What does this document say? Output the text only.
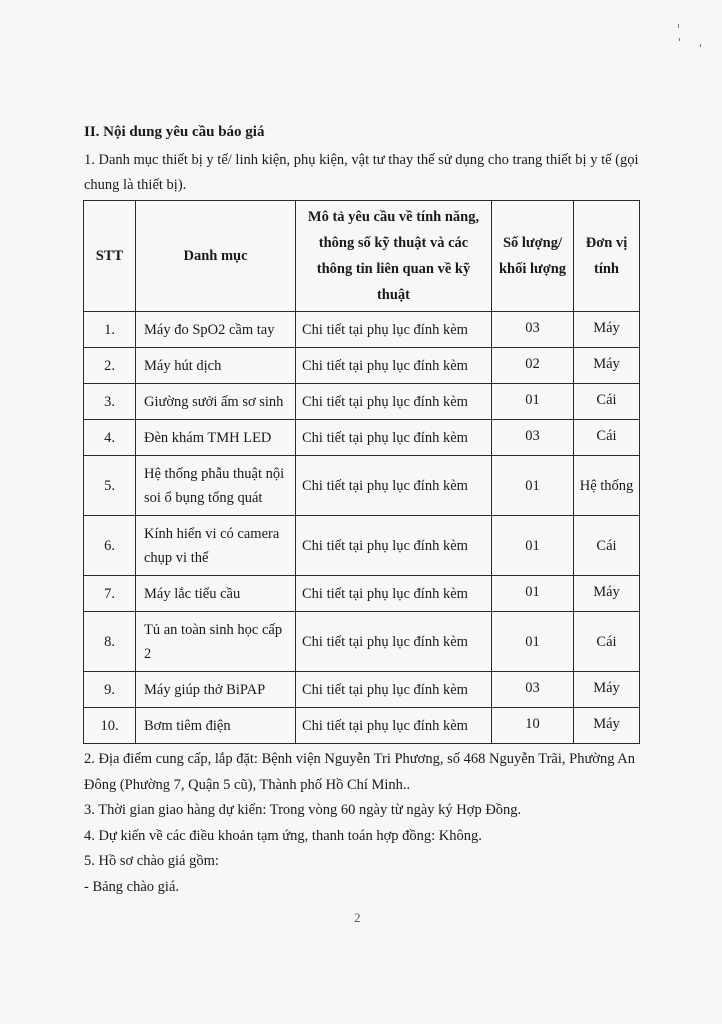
II. Nội dung yêu cầu báo giá
1. Danh mục thiết bị y tế/ linh kiện, phụ kiện, vật tư thay thế sử dụng cho trang thiết bị y tế (gọi chung là thiết bị).
STT	Danh mục	Mô tả yêu cầu về tính năng, thông số kỹ thuật và các thông tin liên quan về kỹ thuật	Số lượng/ khối lượng	Đơn vị tính
1.	Máy đo SpO2 cầm tay	Chi tiết tại phụ lục đính kèm	03	Máy
2.	Máy hút dịch	Chi tiết tại phụ lục đính kèm	02	Máy
3.	Giường sưởi ấm sơ sinh	Chi tiết tại phụ lục đính kèm	01	Cái
4.	Đèn khám TMH LED	Chi tiết tại phụ lục đính kèm	03	Cái
5.	Hệ thống phẫu thuật nội soi ổ bụng tổng quát	Chi tiết tại phụ lục đính kèm	01	Hệ thống
6.	Kính hiển vi có camera chụp vi thể	Chi tiết tại phụ lục đính kèm	01	Cái
7.	Máy lắc tiểu cầu	Chi tiết tại phụ lục đính kèm	01	Máy
8.	Tủ an toàn sinh học cấp 2	Chi tiết tại phụ lục đính kèm	01	Cái
9.	Máy giúp thở BiPAP	Chi tiết tại phụ lục đính kèm	03	Máy
10.	Bơm tiêm điện	Chi tiết tại phụ lục đính kèm	10	Máy

2. Địa điểm cung cấp, lắp đặt: Bệnh viện Nguyễn Tri Phương, số 468 Nguyễn Trãi, Phường An Đông (Phường 7, Quận 5 cũ), Thành phố Hồ Chí Minh..

3. Thời gian giao hàng dự kiến: Trong vòng 60 ngày từ ngày ký Hợp Đồng.

4. Dự kiến về các điều khoản tạm ứng, thanh toán hợp đồng: Không.

5. Hồ sơ chào giá gồm:

- Bảng chào giá.

2
